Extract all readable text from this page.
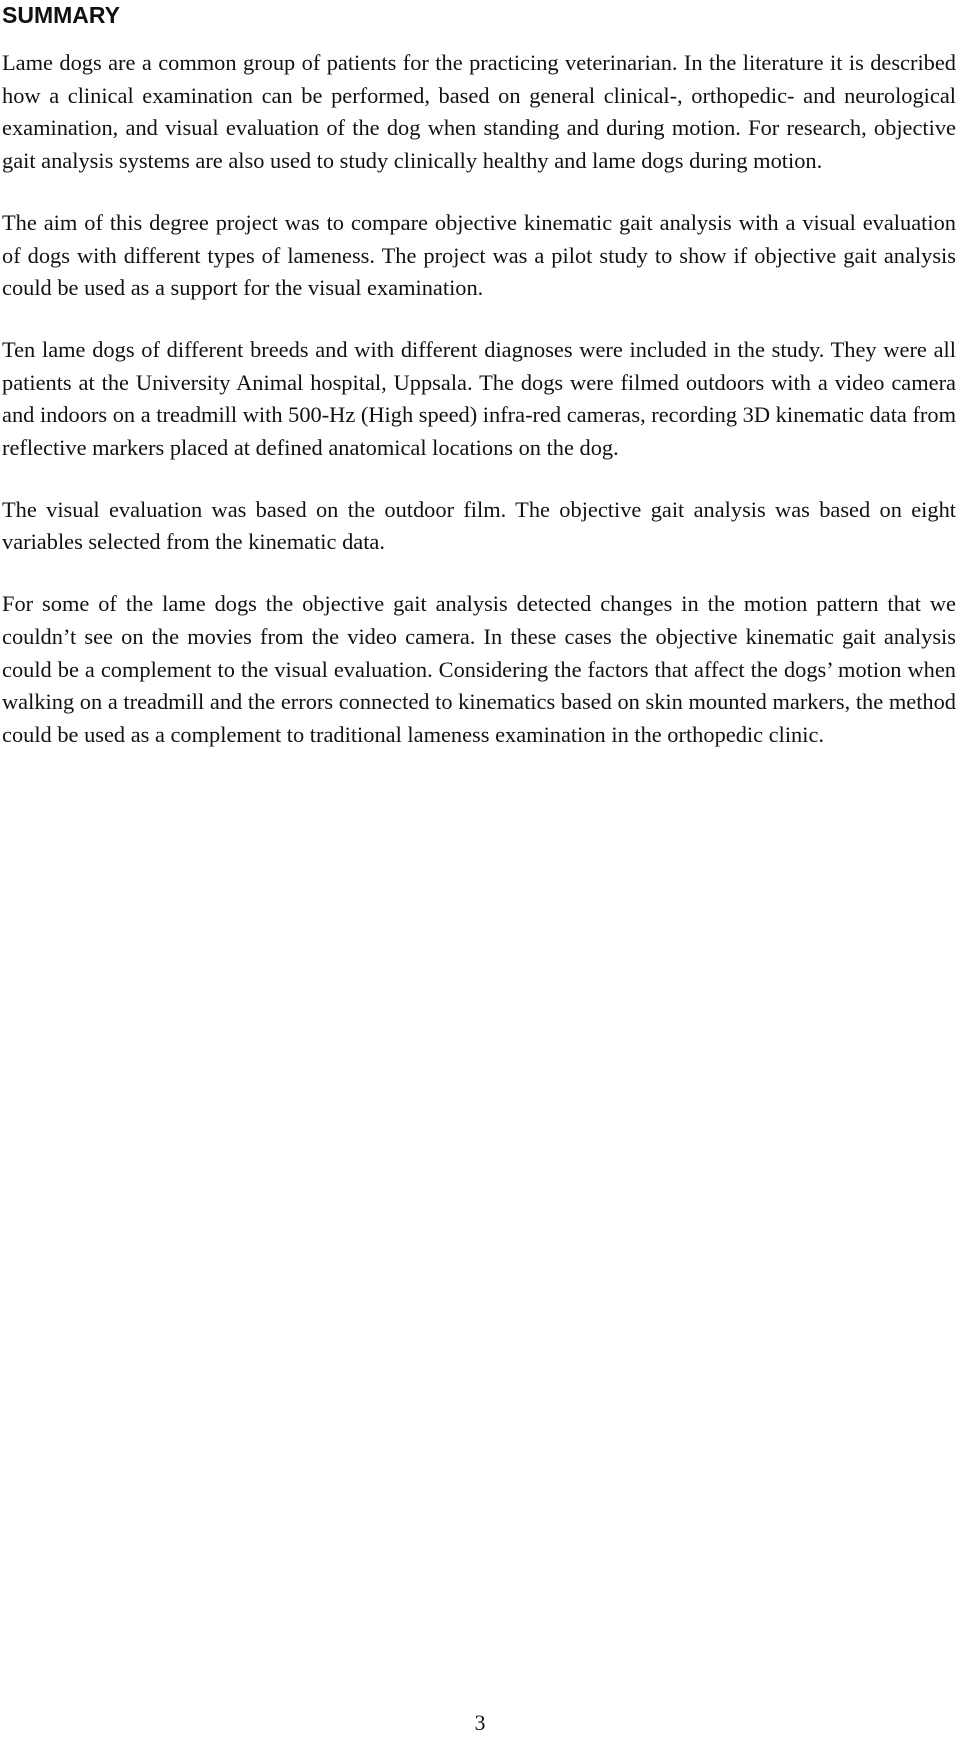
SUMMARY

Lame dogs are a common group of patients for the practicing veterinarian. In the literature it is described how a clinical examination can be performed, based on general clinical-, orthopedic- and neurological examination, and visual evaluation of the dog when standing and during motion. For research, objective gait analysis systems are also used to study clinically healthy and lame dogs during motion.

The aim of this degree project was to compare objective kinematic gait analysis with a visual evaluation of dogs with different types of lameness. The project was a pilot study to show if objective gait analysis could be used as a support for the visual examination.

Ten lame dogs of different breeds and with different diagnoses were included in the study. They were all patients at the University Animal hospital, Uppsala. The dogs were filmed outdoors with a video camera and indoors on a treadmill with 500-Hz (High speed) infra-red cameras, recording 3D kinematic data from reflective markers placed at defined anatomical locations on the dog.

The visual evaluation was based on the outdoor film. The objective gait analysis was based on eight variables selected from the kinematic data.

For some of the lame dogs the objective gait analysis detected changes in the motion pattern that we couldn’t see on the movies from the video camera. In these cases the objective kinematic gait analysis could be a complement to the visual evaluation. Considering the factors that affect the dogs’ motion when walking on a treadmill and the errors connected to kinematics based on skin mounted markers, the method could be used as a complement to traditional lameness examination in the orthopedic clinic.

3
